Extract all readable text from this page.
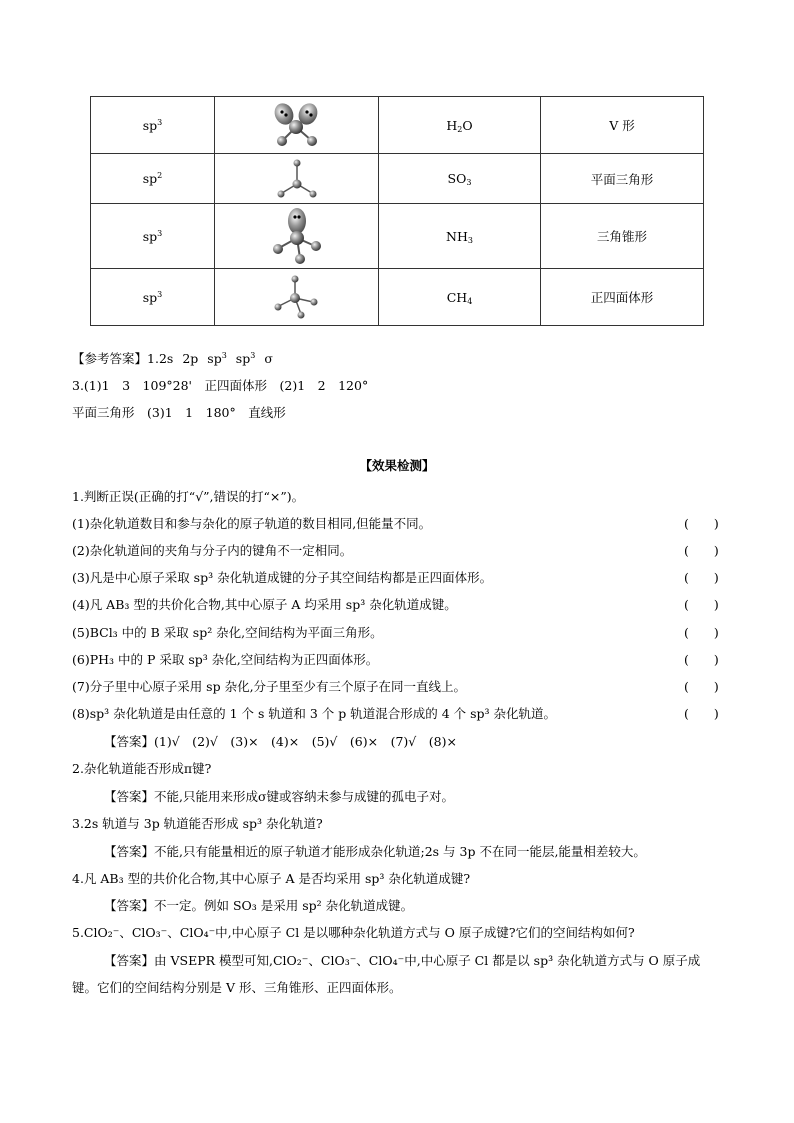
$sp^3$		$H_2O$	V 形
$sp^2$		$SO_3$	平面三角形
$sp^3$		$NH_3$	三角锥形
$sp^3$		$CH_4$	正四面体形
【参考答案】1.2s 2p $sp^3$ $sp^3$ σ
3.(1)1　3　109°28'　正四面体形　(2)1　2　120°
平面三角形　(3)1　1　180°　直线形
【效果检测】
1.判断正误(正确的打“√”,错误的打“×”)。
(1)杂化轨道数目和参与杂化的原子轨道的数目相同,但能量不同。	(　　)
(2)杂化轨道间的夹角与分子内的键角不一定相同。	(　　)
(3)凡是中心原子采取 sp³ 杂化轨道成键的分子其空间结构都是正四面体形。	(　　)
(4)凡 AB₃ 型的共价化合物,其中心原子 A 均采用 sp³ 杂化轨道成键。	(　　)
(5)BCl₃ 中的 B 采取 sp² 杂化,空间结构为平面三角形。	(　　)
(6)PH₃ 中的 P 采取 sp³ 杂化,空间结构为正四面体形。	(　　)
(7)分子里中心原子采用 sp 杂化,分子里至少有三个原子在同一直线上。	(　　)
(8)sp³ 杂化轨道是由任意的 1 个 s 轨道和 3 个 p 轨道混合形成的 4 个 sp³ 杂化轨道。	(　　)
【答案】(1)√　(2)√　(3)×　(4)×　(5)√　(6)×　(7)√　(8)×
2.杂化轨道能否形成π键?
【答案】不能,只能用来形成σ键或容纳未参与成键的孤电子对。
3.2s 轨道与 3p 轨道能否形成 sp³ 杂化轨道?
【答案】不能,只有能量相近的原子轨道才能形成杂化轨道;2s 与 3p 不在同一能层,能量相差较大。
4.凡 AB₃ 型的共价化合物,其中心原子 A 是否均采用 sp³ 杂化轨道成键?
【答案】不一定。例如 SO₃ 是采用 sp² 杂化轨道成键。
5.ClO₂⁻、ClO₃⁻、ClO₄⁻中,中心原子 Cl 是以哪种杂化轨道方式与 O 原子成键?它们的空间结构如何?
【答案】由 VSEPR 模型可知,ClO₂⁻、ClO₃⁻、ClO₄⁻中,中心原子 Cl 都是以 sp³ 杂化轨道方式与 O 原子成
键。它们的空间结构分别是 V 形、三角锥形、正四面体形。
